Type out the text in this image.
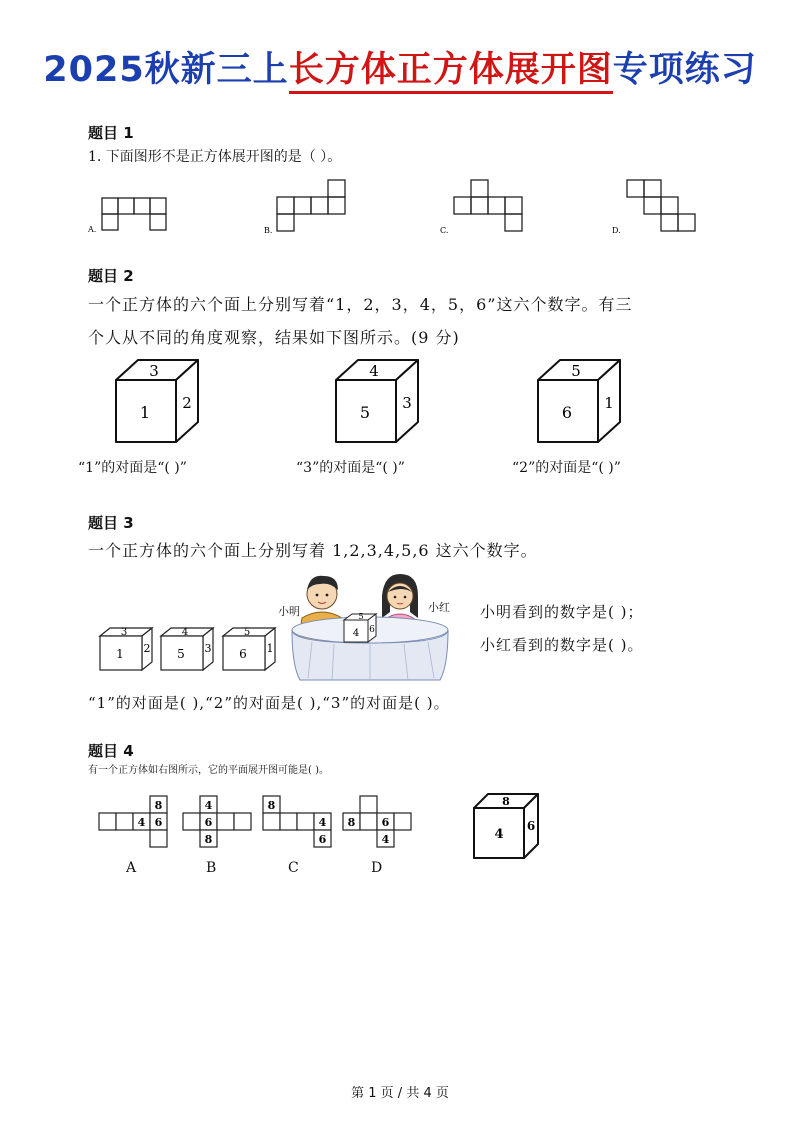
2025秋新三上长方体正方体展开图专项练习
题目 1
1. 下面图形不是正方体展开图的是（ ）。
A.	B.	C.	D.
题目 2
一个正方体的六个面上分别写着“1，2，3，4，5，6”这六个数字。有三
个人从不同的角度观察，结果如下图所示。(9 分)
3
1 2
4
5 3
5
6 1
“1”的对面是“( )”	“3”的对面是“( )”	“2”的对面是“( )”
题目 3
一个正方体的六个面上分别写着 1,2,3,4,5,6 这六个数字。
3
1 2
4
5 3
5
6 1
5
4 6
小明	小红 小明看到的数字是( )；
小红看到的数字是( )。
“1”的对面是( ),“2”的对面是( ),“3”的对面是( )。
题目 4
有一个正方体如右图所示，它的平面展开图可能是( )。
8
4 6
4
6
8
8
4
6
8 6
4
A	B	C	D
8
4
6
第 1 页 / 共 4 页
